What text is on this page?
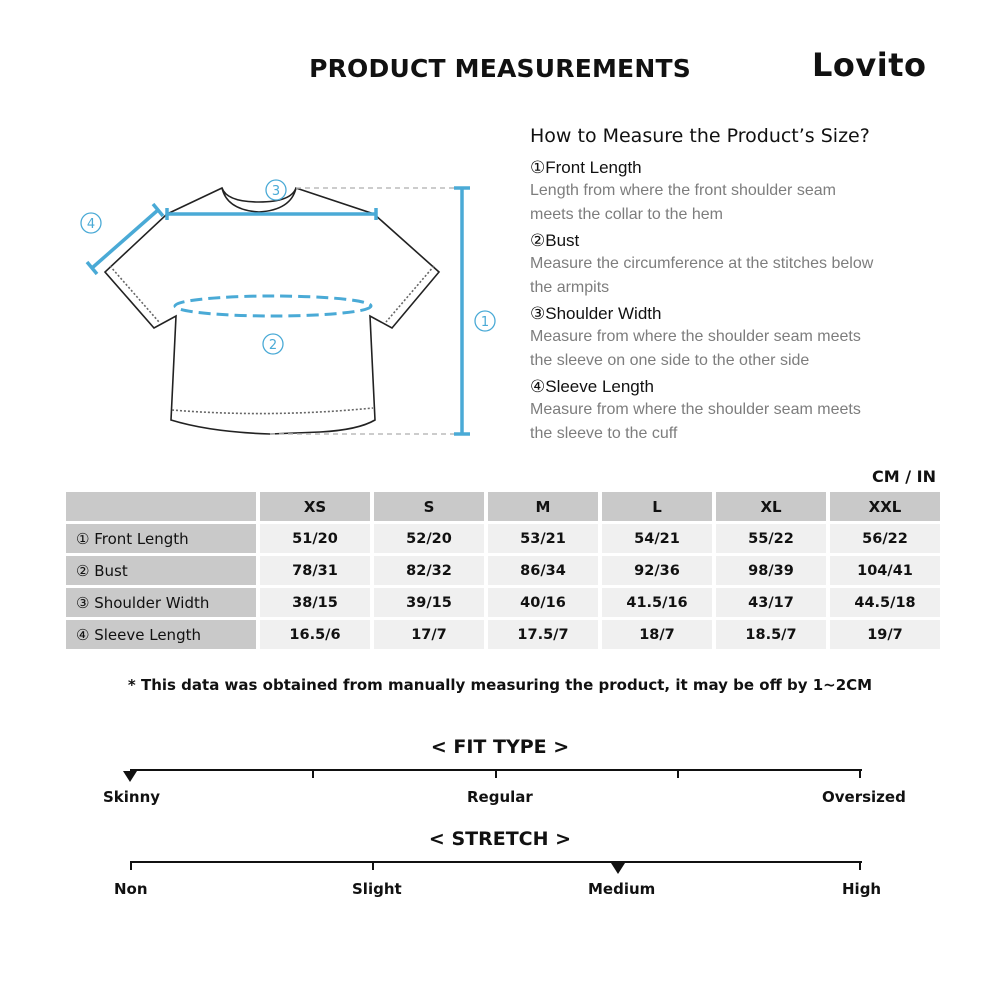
PRODUCT MEASUREMENTS	Lovito
1
2
3
4
How to Measure the Product’s Size?
①Front Length
Length from where the front shoulder seam
meets the collar to the hem
②Bust
Measure the circumference at the stitches below
the armpits
③Shoulder Width
Measure from where the shoulder seam meets
the sleeve on one side to the other side
④Sleeve Length
Measure from where the shoulder seam meets
the sleeve to the cuff
CM / IN
	XS	S	M	L	XL	XXL
① Front Length	51/20	52/20	53/21	54/21	55/22	56/22
② Bust	78/31	82/32	86/34	92/36	98/39	104/41
③ Shoulder Width	38/15	39/15	40/16	41.5/16	43/17	44.5/18
④ Sleeve Length	16.5/6	17/7	17.5/7	18/7	18.5/7	19/7
* This data was obtained from manually measuring the product, it may be off by 1~2CM
< FIT TYPE >
Skinny	Regular	Oversized
< STRETCH >
Non	Slight	Medium	High
